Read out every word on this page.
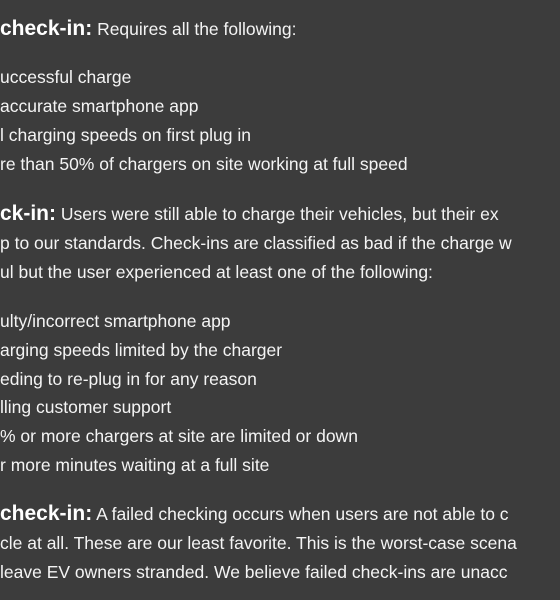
check-in: Requires all the following:
uccessful charge
accurate smartphone app
l charging speeds on first plug in
re than 50% of chargers on site working at full speed
ck-in: Users were still able to charge their vehicles, but their ex
p to our standards. Check-ins are classified as bad if the charge w
ul but the user experienced at least one of the following:
ulty/incorrect smartphone app
arging speeds limited by the charger
eding to re-plug in for any reason
lling customer support
% or more chargers at site are limited or down
r more minutes waiting at a full site
check-in: A failed checking occurs when users are not able to c
cle at all. These are our least favorite. This is the worst-case scena
leave EV owners stranded. We believe failed check-ins are unacc
